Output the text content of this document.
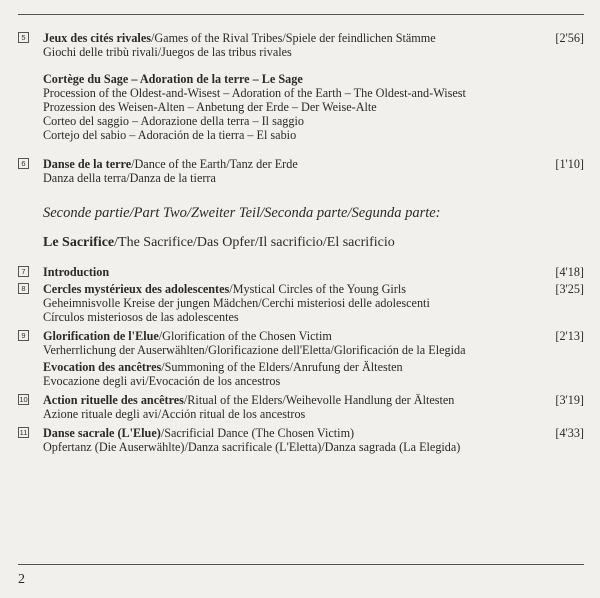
5 Jeux des cités rivales/Games of the Rival Tribes/Spiele der feindlichen Stämme
Giochi delle tribù rivali/Juegos de las tribus rivales
[2'56]
Cortège du Sage – Adoration de la terre – Le Sage
Procession of the Oldest-and-Wisest – Adoration of the Earth – The Oldest-and-Wisest
Prozession des Weisen-Alten – Anbetung der Erde – Der Weise-Alte
Corteo del saggio – Adorazione della terra – Il saggio
Cortejo del sabio – Adoración de la tierra – El sabio
6 Danse de la terre/Dance of the Earth/Tanz der Erde
Danza della terra/Danza de la tierra
[1'10]
Seconde partie/Part Two/Zweiter Teil/Seconda parte/Segunda parte:
Le Sacrifice/The Sacrifice/Das Opfer/Il sacrificio/El sacrificio
7 Introduction	[4'18]
8 Cercles mystérieux des adolescentes/Mystical Circles of the Young Girls
Geheimnisvolle Kreise der jungen Mädchen/Cerchi misteriosi delle adolescenti
Círculos misteriosos de las adolescentes
[3'25]
9 Glorification de l'Elue/Glorification of the Chosen Victim
Verherrlichung der Auserwählten/Glorificazione dell'Eletta/Glorificación de la Elegida
[2'13]
Evocation des ancêtres/Summoning of the Elders/Anrufung der Ältesten
Evocazione degli avi/Evocación de los ancestros
10 Action rituelle des ancêtres/Ritual of the Elders/Weihevolle Handlung der Ältesten
Azione rituale degli avi/Acción ritual de los ancestros
[3'19]
11 Danse sacrale (L'Elue)/Sacrificial Dance (The Chosen Victim)
Opfertanz (Die Auserwählte)/Danza sacrificale (L'Eletta)/Danza sagrada (La Elegida)
[4'33]
2
